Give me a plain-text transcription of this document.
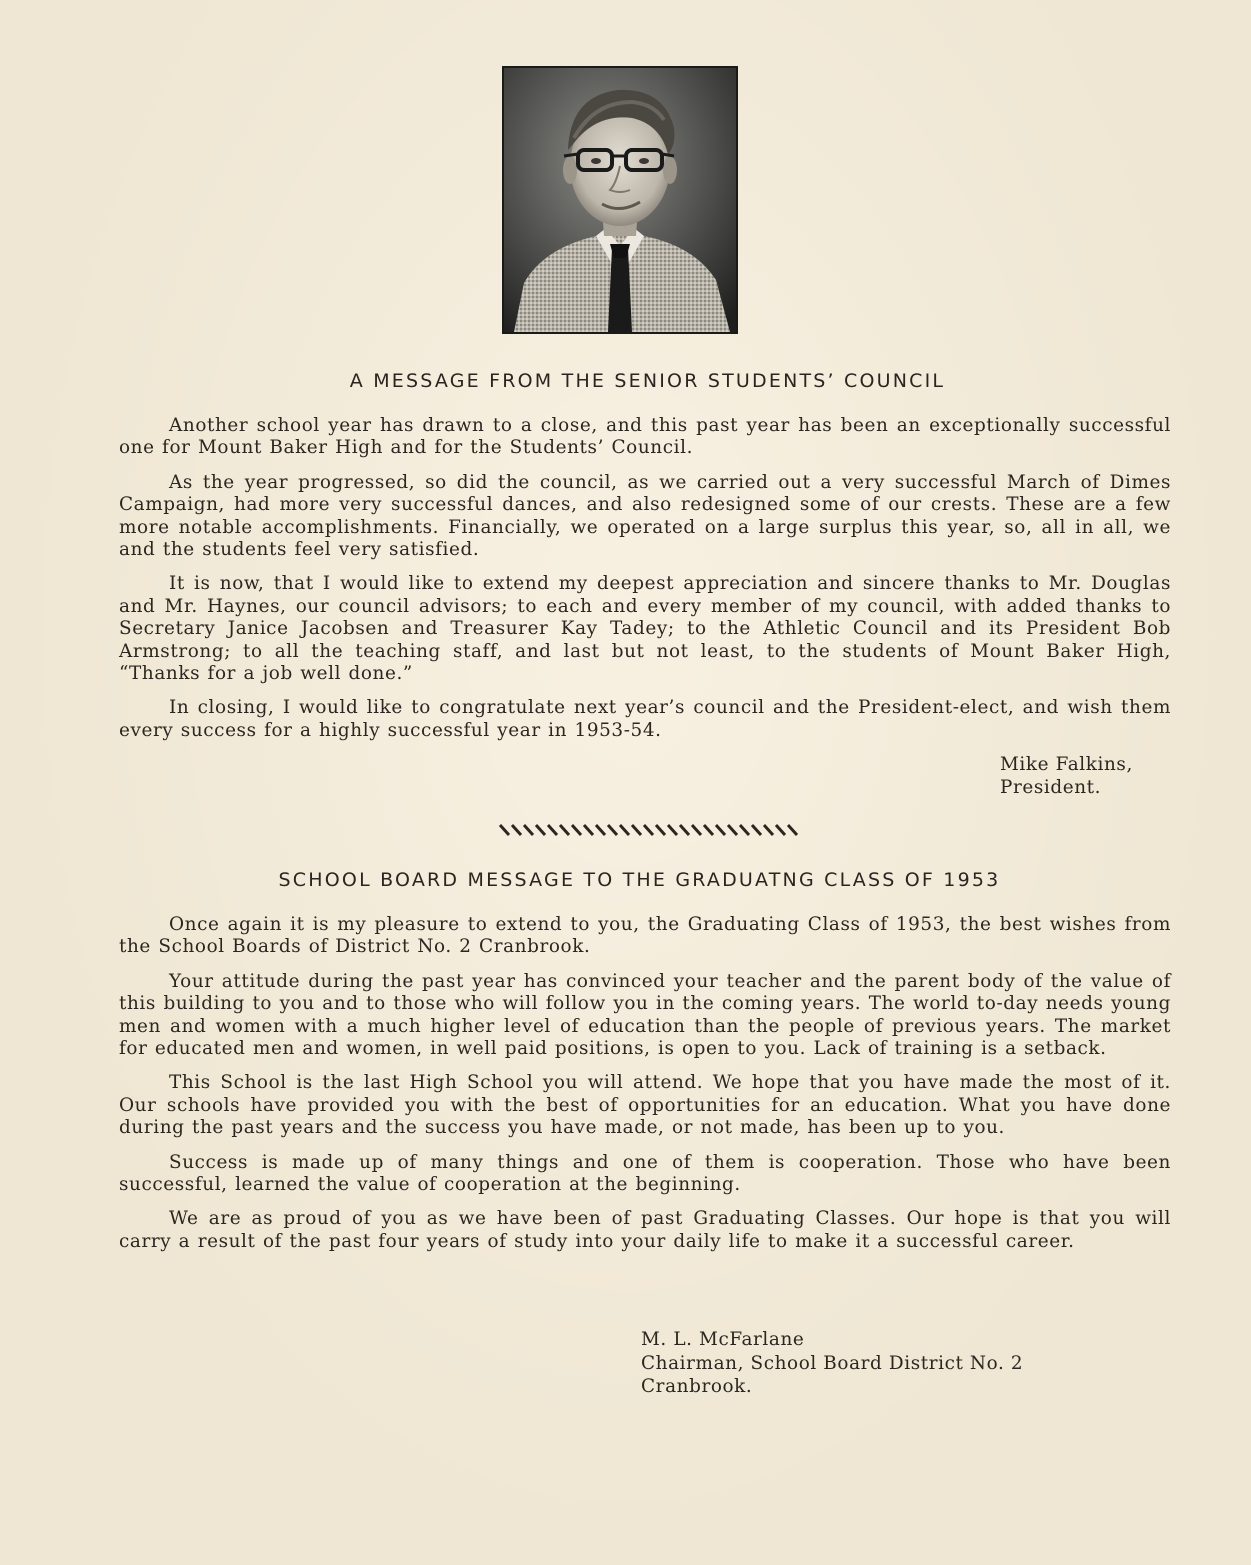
A MESSAGE FROM THE SENIOR STUDENTS’ COUNCIL

Another school year has drawn to a close, and this past year has been an exceptionally successful one for Mount Baker High and for the Students’ Council.

As the year progressed, so did the council, as we carried out a very successful March of Dimes Campaign, had more very successful dances, and also redesigned some of our crests. These are a few more notable accomplishments. Financially, we operated on a large surplus this year, so, all in all, we and the students feel very satisfied.

It is now, that I would like to extend my deepest appreciation and sincere thanks to Mr. Douglas and Mr. Haynes, our council advisors; to each and every member of my council, with added thanks to Secretary Janice Jacobsen and Treasurer Kay Tadey; to the Athletic Council and its President Bob Armstrong; to all the teaching staff, and last but not least, to the students of Mount Baker High, “Thanks for a job well done.”

In closing, I would like to congratulate next year’s council and the President-elect, and wish them every success for a highly successful year in 1953-54.

Mike Falkins,
President.
SCHOOL BOARD MESSAGE TO THE GRADUATNG CLASS OF 1953

Once again it is my pleasure to extend to you, the Graduating Class of 1953, the best wishes from the School Boards of District No. 2 Cranbrook.

Your attitude during the past year has convinced your teacher and the parent body of the value of this building to you and to those who will follow you in the coming years. The world to-day needs young men and women with a much higher level of education than the people of previous years. The market for educated men and women, in well paid positions, is open to you. Lack of training is a setback.

This School is the last High School you will attend. We hope that you have made the most of it. Our schools have provided you with the best of opportunities for an education. What you have done during the past years and the success you have made, or not made, has been up to you.

Success is made up of many things and one of them is cooperation. Those who have been successful, learned the value of cooperation at the beginning.

We are as proud of you as we have been of past Graduating Classes. Our hope is that you will carry a result of the past four years of study into your daily life to make it a successful career.

M. L. McFarlane
Chairman, School Board District No. 2
Cranbrook.
